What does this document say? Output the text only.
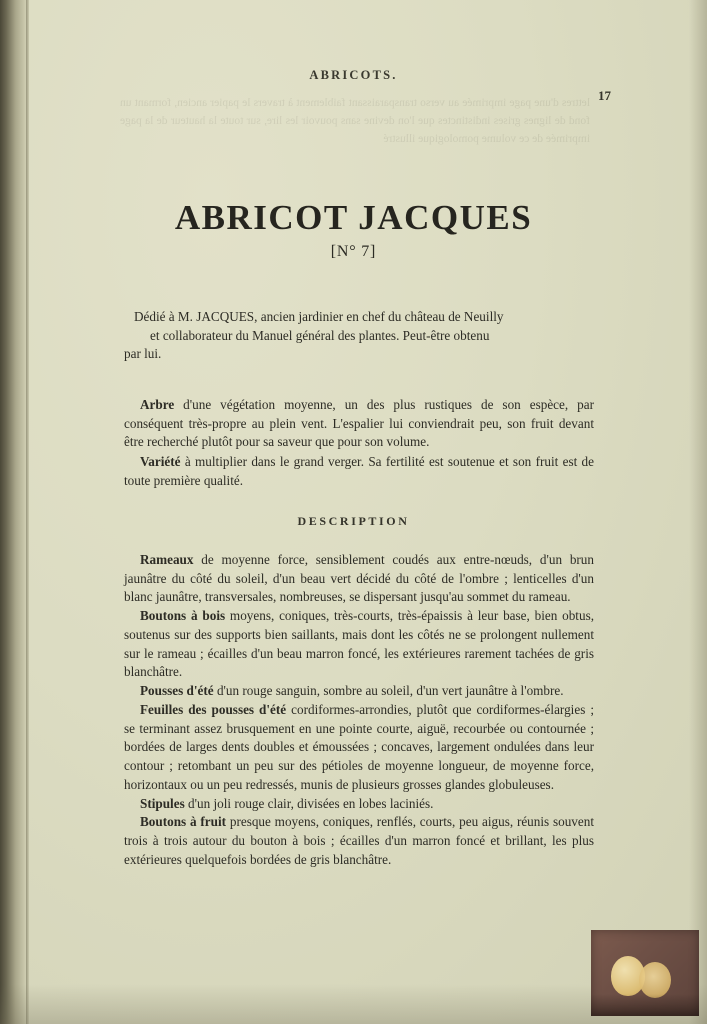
lettres d'une page imprimée au verso transparaissant faiblement à travers le papier ancien, formant un fond de lignes grises indistinctes que l'on devine sans pouvoir les lire, sur toute la hauteur de la page imprimée de ce volume pomologique illustré
ABRICOTS.
17
ABRICOT JACQUES
[N° 7]
Dédié à M. JACQUES, ancien jardinier en chef du château de Neuilly
et collaborateur du Manuel général des plantes. Peut-être obtenu
par lui.

Arbre d'une végétation moyenne, un des plus rustiques de son espèce, par conséquent très-propre au plein vent. L'espalier lui conviendrait peu, son fruit devant être recherché plutôt pour sa saveur que pour son volume.

Variété à multiplier dans le grand verger. Sa fertilité est soutenue et son fruit est de toute première qualité.

DESCRIPTION

Rameaux de moyenne force, sensiblement coudés aux entre-nœuds, d'un brun jaunâtre du côté du soleil, d'un beau vert décidé du côté de l'ombre ; lenticelles d'un blanc jaunâtre, transversales, nombreuses, se dispersant jusqu'au sommet du rameau.

Boutons à bois moyens, coniques, très-courts, très-épaissis à leur base, bien obtus, soutenus sur des supports bien saillants, mais dont les côtés ne se prolongent nullement sur le rameau ; écailles d'un beau marron foncé, les extérieures rarement tachées de gris blanchâtre.

Pousses d'été d'un rouge sanguin, sombre au soleil, d'un vert jaunâtre à l'ombre.

Feuilles des pousses d'été cordiformes-arrondies, plutôt que cordiformes-élargies ; se terminant assez brusquement en une pointe courte, aiguë, recourbée ou contournée ; bordées de larges dents doubles et émoussées ; concaves, largement ondulées dans leur contour ; retombant un peu sur des pétioles de moyenne longueur, de moyenne force, horizontaux ou un peu redressés, munis de plusieurs grosses glandes globuleuses.

Stipules d'un joli rouge clair, divisées en lobes laciniés.

Boutons à fruit presque moyens, coniques, renflés, courts, peu aigus, réunis souvent trois à trois autour du bouton à bois ; écailles d'un marron foncé et brillant, les plus extérieures quelquefois bordées de gris blanchâtre.
